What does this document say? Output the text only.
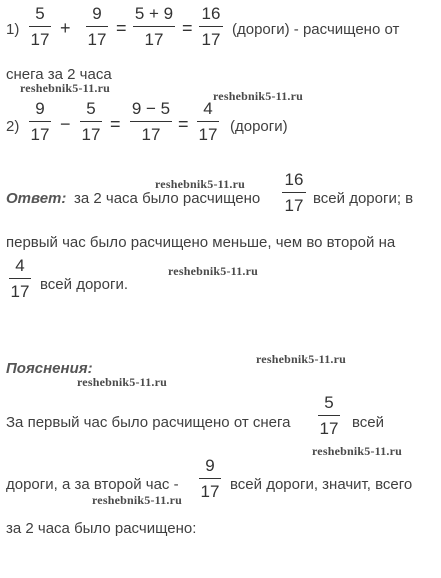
1)
5
17
+
9
17
=
5 + 9
17
=
16
17
(дороги) - расчищено от
снега за 2 часа
reshebnik5-11.ru
reshebnik5-11.ru
2)
9
17
−
5
17
=
9 − 5
17
=
4
17 (дороги)
reshebnik5-11.ru
Ответ: за 2 часа было расчищено
16
17 всей дороги; в
первый час было расчищено меньше, чем во второй на
4
17 всей дороги.
reshebnik5-11.ru
reshebnik5-11.ru
Пояснения:
reshebnik5-11.ru
За первый час было расчищено от снега
5
17 всей
reshebnik5-11.ru
дороги, а за второй час -
9
17 всей дороги, значит, всего
reshebnik5-11.ru
за 2 часа было расчищено:
